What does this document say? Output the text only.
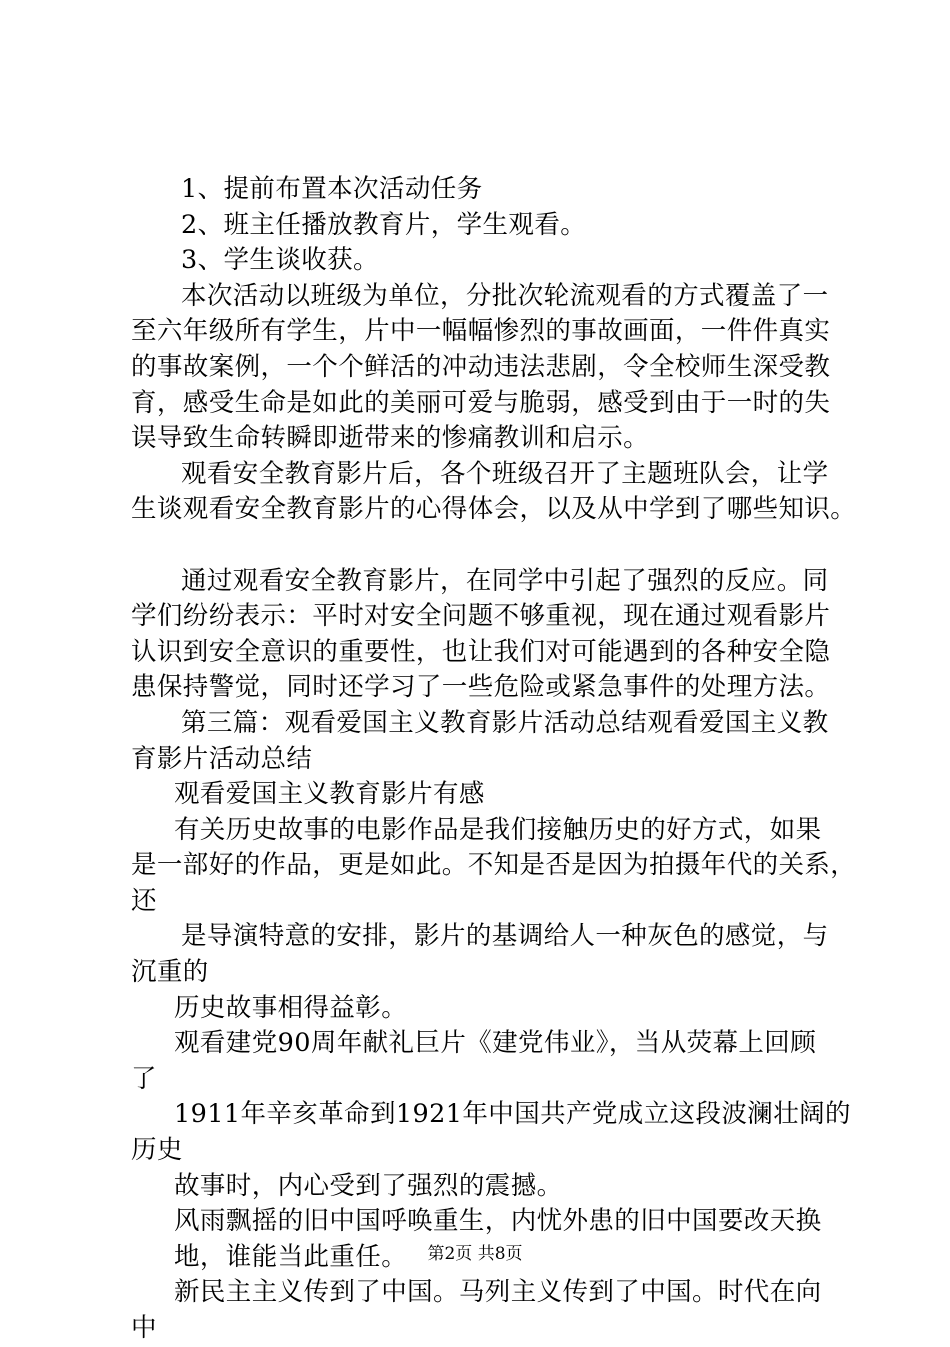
1、提前布置本次活动任务
2、班主任播放教育片，学生观看。
3、学生谈收获。
本次活动以班级为单位，分批次轮流观看的方式覆盖了一
至六年级所有学生，片中一幅幅惨烈的事故画面，一件件真实
的事故案例，一个个鲜活的冲动违法悲剧，令全校师生深受教
育，感受生命是如此的美丽可爱与脆弱，感受到由于一时的失
误导致生命转瞬即逝带来的惨痛教训和启示。
观看安全教育影片后，各个班级召开了主题班队会，让学
生谈观看安全教育影片的心得体会，以及从中学到了哪些知识。
通过观看安全教育影片，在同学中引起了强烈的反应。同
学们纷纷表示：平时对安全问题不够重视，现在通过观看影片
认识到安全意识的重要性，也让我们对可能遇到的各种安全隐
患保持警觉，同时还学习了一些危险或紧急事件的处理方法。
第三篇：观看爱国主义教育影片活动总结观看爱国主义教
育影片活动总结
观看爱国主义教育影片有感
有关历史故事的电影作品是我们接触历史的好方式，如果
是一部好的作品，更是如此。不知是否是因为拍摄年代的关系，
还
是导演特意的安排，影片的基调给人一种灰色的感觉，与
沉重的
历史故事相得益彰。
观看建党90周年献礼巨片《建党伟业》，当从荧幕上回顾
了
1911年辛亥革命到1921年中国共产党成立这段波澜壮阔的
历史
故事时，内心受到了强烈的震撼。
风雨飘摇的旧中国呼唤重生，内忧外患的旧中国要改天换
地，谁能当此重任。
新民主主义传到了中国。马列主义传到了中国。时代在向
中
第2页 共8页
